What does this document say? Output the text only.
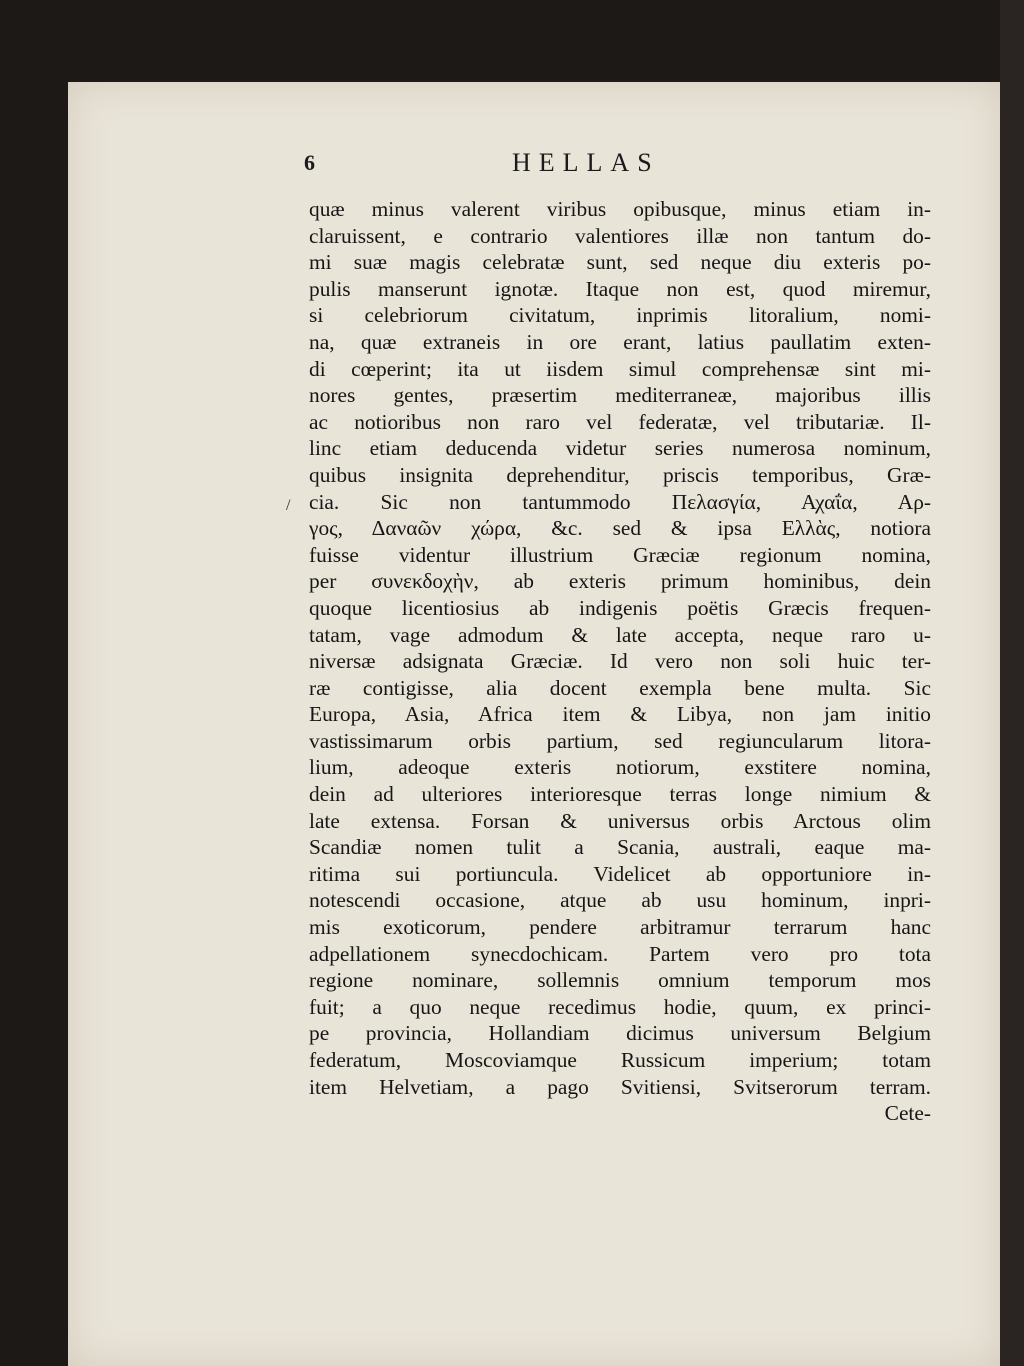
6	HELLAS
/
quæ minus valerent viribus opibusque, minus etiam in-
claruissent, e contrario valentiores illæ non tantum do-
mi suæ magis celebratæ sunt, sed neque diu exteris po-
pulis manserunt ignotæ. Itaque non est, quod miremur,
si celebriorum civitatum, inprimis litoralium, nomi-
na, quæ extraneis in ore erant, latius paullatim exten-
di cœperint; ita ut iisdem simul comprehensæ sint mi-
nores gentes, præsertim mediterraneæ, majoribus illis
ac notioribus non raro vel federatæ, vel tributariæ. Il-
linc etiam deducenda videtur series numerosa nominum,
quibus insignita deprehenditur, priscis temporibus, Græ-
cia. Sic non tantummodo Πελασγία, Αχαΐα, Αρ-
γος, Δαναῶν χώρα, &c. sed & ipsa Ελλὰς, notiora
fuisse videntur illustrium Græciæ regionum nomina,
per συνεκδοχὴν, ab exteris primum hominibus, dein
quoque licentiosius ab indigenis poëtis Græcis frequen-
tatam, vage admodum & late accepta, neque raro u-
niversæ adsignata Græciæ. Id vero non soli huic ter-
ræ contigisse, alia docent exempla bene multa. Sic
Europa, Asia, Africa item & Libya, non jam initio
vastissimarum orbis partium, sed regiuncularum litora-
lium, adeoque exteris notiorum, exstitere nomina,
dein ad ulteriores interioresque terras longe nimium &
late extensa. Forsan & universus orbis Arctous olim
Scandiæ nomen tulit a Scania, australi, eaque ma-
ritima sui portiuncula. Videlicet ab opportuniore in-
notescendi occasione, atque ab usu hominum, inpri-
mis exoticorum, pendere arbitramur terrarum hanc
adpellationem synecdochicam. Partem vero pro tota
regione nominare, sollemnis omnium temporum mos
fuit; a quo neque recedimus hodie, quum, ex princi-
pe provincia, Hollandiam dicimus universum Belgium
federatum, Moscoviamque Russicum imperium; totam
item Helvetiam, a pago Svitiensi, Svitserorum terram.
Cete-
